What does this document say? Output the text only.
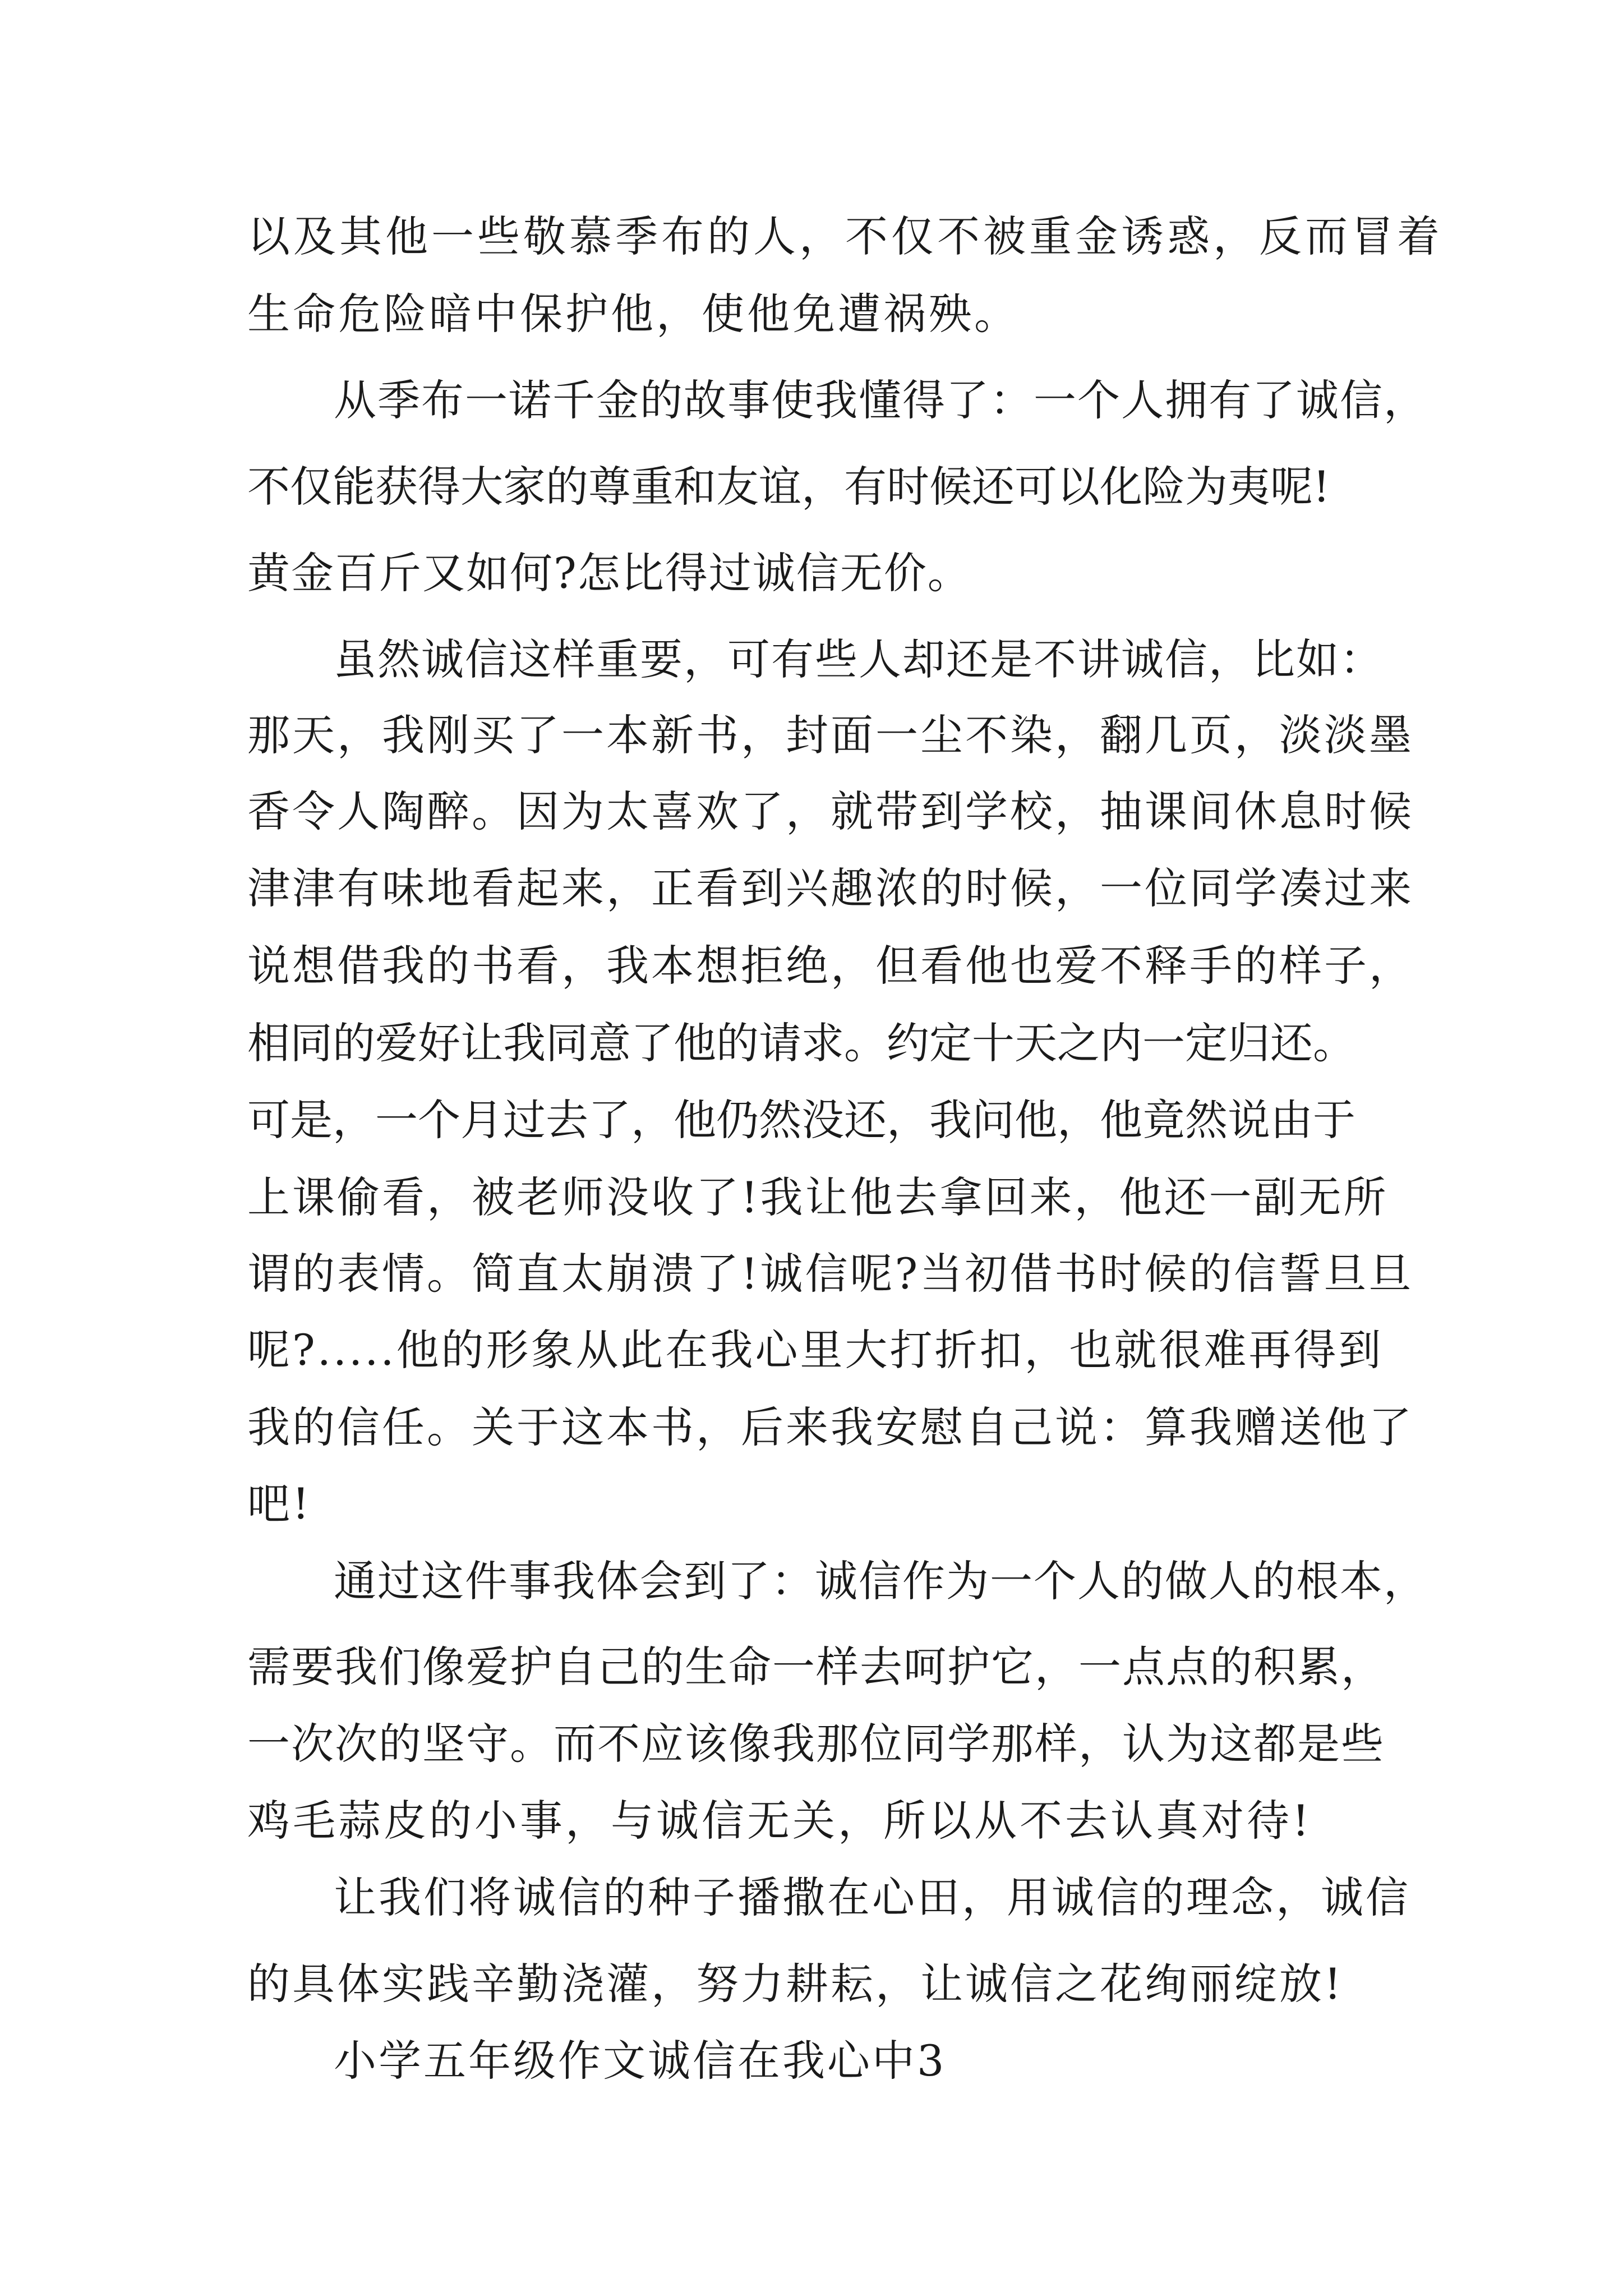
以及其他一些敬慕季布的人，不仅不被重金诱惑，反而冒着
生命危险暗中保护他，使他免遭祸殃。
从季布一诺千金的故事使我懂得了：一个人拥有了诚信，
不仅能获得大家的尊重和友谊，有时候还可以化险为夷呢!
黄金百斤又如何?怎比得过诚信无价。
虽然诚信这样重要，可有些人却还是不讲诚信，比如：
那天，我刚买了一本新书，封面一尘不染，翻几页，淡淡墨
香令人陶醉。因为太喜欢了，就带到学校，抽课间休息时候
津津有味地看起来，正看到兴趣浓的时候，一位同学凑过来
说想借我的书看，我本想拒绝，但看他也爱不释手的样子，
相同的爱好让我同意了他的请求。约定十天之内一定归还。
可是，一个月过去了，他仍然没还，我问他，他竟然说由于
上课偷看，被老师没收了!我让他去拿回来，他还一副无所
谓的表情。简直太崩溃了!诚信呢?当初借书时候的信誓旦旦
呢?.....他的形象从此在我心里大打折扣，也就很难再得到
我的信任。关于这本书，后来我安慰自己说：算我赠送他了
吧!
通过这件事我体会到了：诚信作为一个人的做人的根本，
需要我们像爱护自己的生命一样去呵护它，一点点的积累，
一次次的坚守。而不应该像我那位同学那样，认为这都是些
鸡毛蒜皮的小事，与诚信无关，所以从不去认真对待!
让我们将诚信的种子播撒在心田，用诚信的理念，诚信
的具体实践辛勤浇灌，努力耕耘，让诚信之花绚丽绽放!
小学五年级作文诚信在我心中3
